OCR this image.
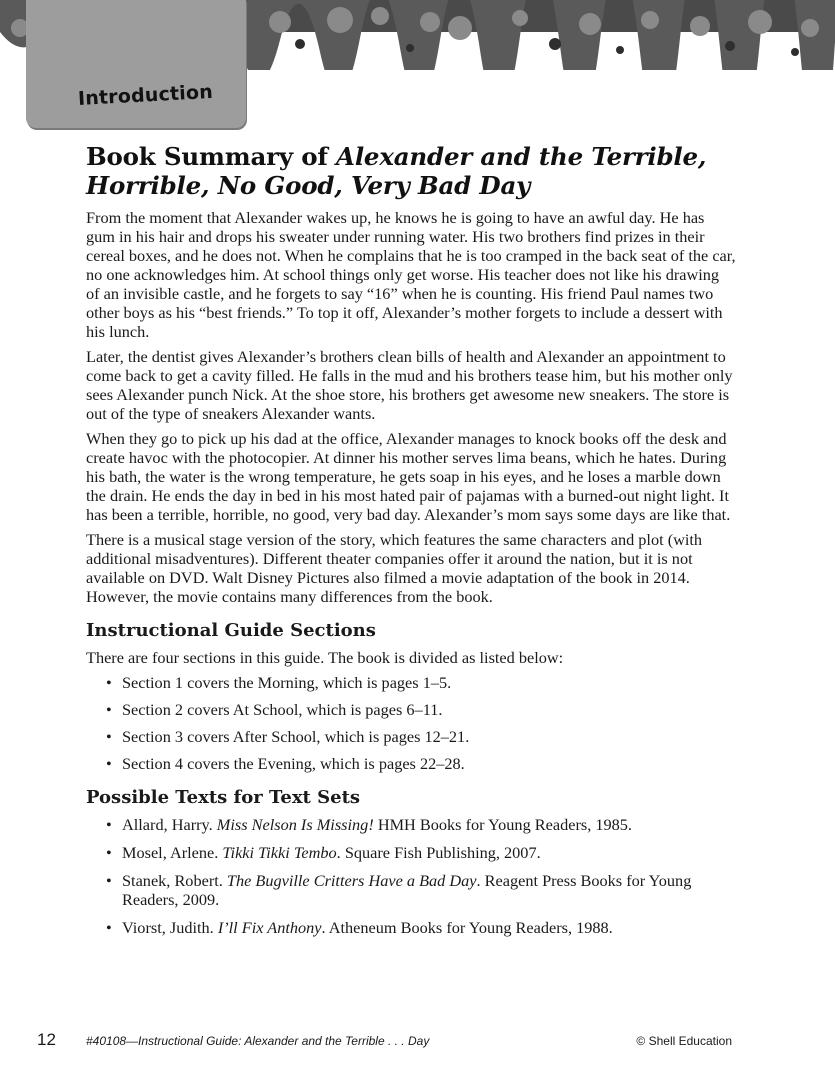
Introduction
Book Summary of Alexander and the Terrible, Horrible, No Good, Very Bad Day

From the moment that Alexander wakes up, he knows he is going to have an awful day. He has gum in his hair and drops his sweater under running water. His two brothers find prizes in their cereal boxes, and he does not. When he complains that he is too cramped in the back seat of the car, no one acknowledges him. At school things only get worse. His teacher does not like his drawing of an invisible castle, and he forgets to say “16” when he is counting. His friend Paul names two other boys as his “best friends.” To top it off, Alexander’s mother forgets to include a dessert with his lunch.

Later, the dentist gives Alexander’s brothers clean bills of health and Alexander an appointment to come back to get a cavity filled. He falls in the mud and his brothers tease him, but his mother only sees Alexander punch Nick. At the shoe store, his brothers get awesome new sneakers. The store is out of the type of sneakers Alexander wants.

When they go to pick up his dad at the office, Alexander manages to knock books off the desk and create havoc with the photocopier. At dinner his mother serves lima beans, which he hates. During his bath, the water is the wrong temperature, he gets soap in his eyes, and he loses a marble down the drain. He ends the day in bed in his most hated pair of pajamas with a burned-out night light. It has been a terrible, horrible, no good, very bad day. Alexander’s mom says some days are like that.

There is a musical stage version of the story, which features the same characters and plot (with additional misadventures). Different theater companies offer it around the nation, but it is not available on DVD. Walt Disney Pictures also filmed a movie adaptation of the book in 2014. However, the movie contains many differences from the book.

Instructional Guide Sections

There are four sections in this guide. The book is divided as listed below:

• Section 1 covers the Morning, which is pages 1–5.
• Section 2 covers At School, which is pages 6–11.
• Section 3 covers After School, which is pages 12–21.
• Section 4 covers the Evening, which is pages 22–28.
Possible Texts for Text Sets
• Allard, Harry. Miss Nelson Is Missing! HMH Books for Young Readers, 1985.
• Mosel, Arlene. Tikki Tikki Tembo. Square Fish Publishing, 2007.
• Stanek, Robert. The Bugville Critters Have a Bad Day. Reagent Press Books for Young Readers, 2009.
• Viorst, Judith. I’ll Fix Anthony. Atheneum Books for Young Readers, 1988.
12	#40108—Instructional Guide: Alexander and the Terrible . . . Day	© Shell Education
